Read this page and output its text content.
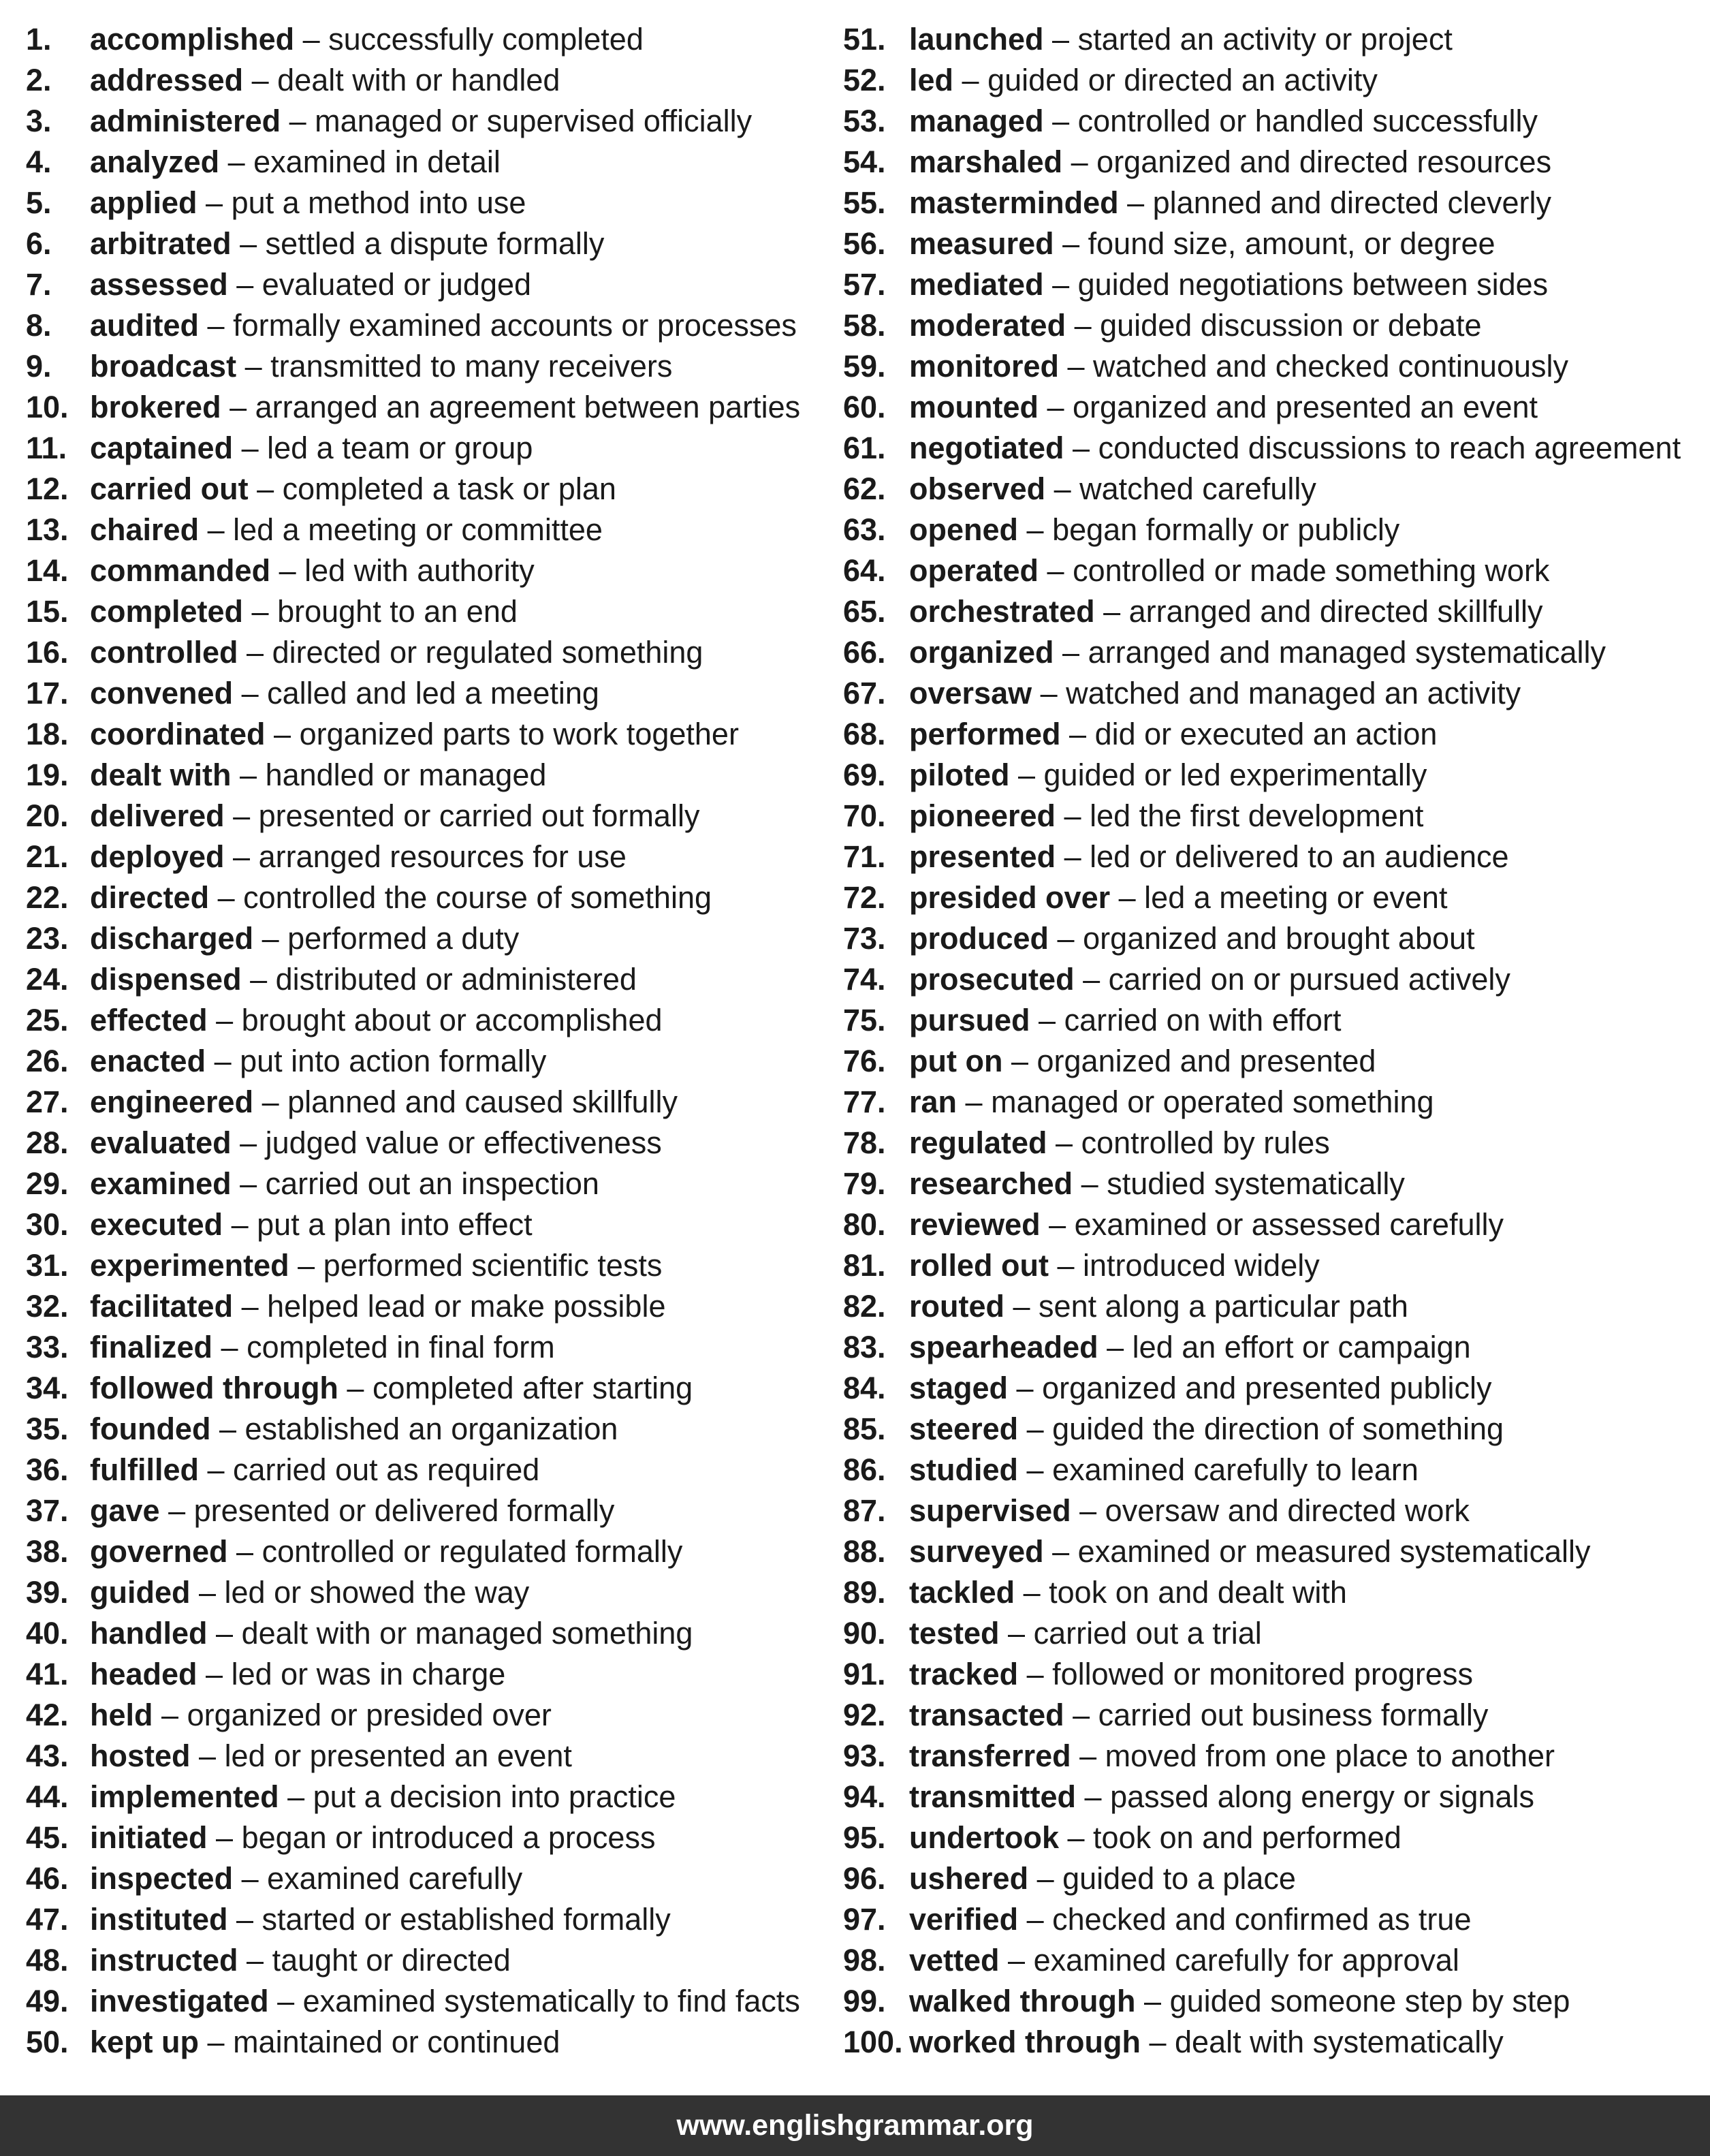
1. accomplished – successfully completed
2. addressed – dealt with or handled
3. administered – managed or supervised officially
4. analyzed – examined in detail
5. applied – put a method into use
6. arbitrated – settled a dispute formally
7. assessed – evaluated or judged
8. audited – formally examined accounts or processes
9. broadcast – transmitted to many receivers
10. brokered – arranged an agreement between parties
11. captained – led a team or group
12. carried out – completed a task or plan
13. chaired – led a meeting or committee
14. commanded – led with authority
15. completed – brought to an end
16. controlled – directed or regulated something
17. convened – called and led a meeting
18. coordinated – organized parts to work together
19. dealt with – handled or managed
20. delivered – presented or carried out formally
21. deployed – arranged resources for use
22. directed – controlled the course of something
23. discharged – performed a duty
24. dispensed – distributed or administered
25. effected – brought about or accomplished
26. enacted – put into action formally
27. engineered – planned and caused skillfully
28. evaluated – judged value or effectiveness
29. examined – carried out an inspection
30. executed – put a plan into effect
31. experimented – performed scientific tests
32. facilitated – helped lead or make possible
33. finalized – completed in final form
34. followed through – completed after starting
35. founded – established an organization
36. fulfilled – carried out as required
37. gave – presented or delivered formally
38. governed – controlled or regulated formally
39. guided – led or showed the way
40. handled – dealt with or managed something
41. headed – led or was in charge
42. held – organized or presided over
43. hosted – led or presented an event
44. implemented – put a decision into practice
45. initiated – began or introduced a process
46. inspected – examined carefully
47. instituted – started or established formally
48. instructed – taught or directed
49. investigated – examined systematically to find facts
50. kept up – maintained or continued
51. launched – started an activity or project
52. led – guided or directed an activity
53. managed – controlled or handled successfully
54. marshaled – organized and directed resources
55. masterminded – planned and directed cleverly
56. measured – found size, amount, or degree
57. mediated – guided negotiations between sides
58. moderated – guided discussion or debate
59. monitored – watched and checked continuously
60. mounted – organized and presented an event
61. negotiated – conducted discussions to reach agreement
62. observed – watched carefully
63. opened – began formally or publicly
64. operated – controlled or made something work
65. orchestrated – arranged and directed skillfully
66. organized – arranged and managed systematically
67. oversaw – watched and managed an activity
68. performed – did or executed an action
69. piloted – guided or led experimentally
70. pioneered – led the first development
71. presented – led or delivered to an audience
72. presided over – led a meeting or event
73. produced – organized and brought about
74. prosecuted – carried on or pursued actively
75. pursued – carried on with effort
76. put on – organized and presented
77. ran – managed or operated something
78. regulated – controlled by rules
79. researched – studied systematically
80. reviewed – examined or assessed carefully
81. rolled out – introduced widely
82. routed – sent along a particular path
83. spearheaded – led an effort or campaign
84. staged – organized and presented publicly
85. steered – guided the direction of something
86. studied – examined carefully to learn
87. supervised – oversaw and directed work
88. surveyed – examined or measured systematically
89. tackled – took on and dealt with
90. tested – carried out a trial
91. tracked – followed or monitored progress
92. transacted – carried out business formally
93. transferred – moved from one place to another
94. transmitted – passed along energy or signals
95. undertook – took on and performed
96. ushered – guided to a place
97. verified – checked and confirmed as true
98. vetted – examined carefully for approval
99. walked through – guided someone step by step
100. worked through – dealt with systematically
www.englishgrammar.org
